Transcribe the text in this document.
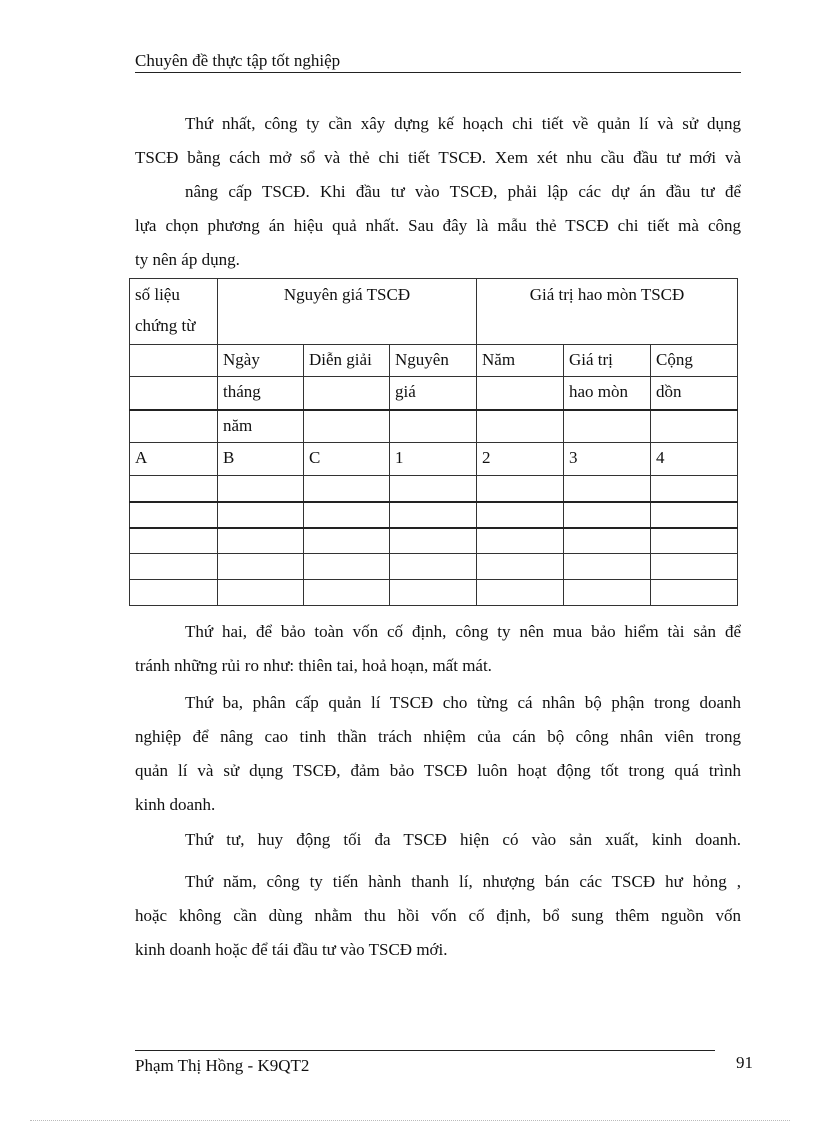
Chuyên đề thực tập tốt nghiệp
Thứ nhất, công ty cần xây dựng kế hoạch chi tiết về quản lí và sử dụng
TSCĐ bằng cách mở sổ và thẻ chi tiết TSCĐ. Xem xét nhu cầu đầu tư mới và
nâng cấp TSCĐ. Khi đầu tư vào TSCĐ, phải lập các dự án đầu tư để
lựa chọn phương án hiệu quả nhất. Sau đây là mẫu thẻ TSCĐ chi tiết mà công
ty nên áp dụng.
số liệu
chứng từ	Nguyên giá TSCĐ			Giá trị hao mòn TSCĐ		
	Ngày	Diễn giải	Nguyên	Năm	Giá trị	Cộng
	tháng		giá		hao mòn	dồn
	năm					
A	B	C	1	2	3	4

Thứ hai, để bảo toàn vốn cố định, công ty nên mua bảo hiểm tài sản để
tránh những rủi ro như: thiên tai, hoả hoạn, mất mát.
Thứ ba, phân cấp quản lí TSCĐ cho từng cá nhân bộ phận trong doanh
nghiệp để nâng cao tinh thần trách nhiệm của cán bộ công nhân viên trong
quản lí và sử dụng TSCĐ, đảm bảo TSCĐ luôn hoạt động tốt trong quá trình
kinh doanh.
Thứ tư, huy động tối đa TSCĐ hiện có vào sản xuất, kinh doanh.
Thứ năm, công ty tiến hành thanh lí, nhượng bán các TSCĐ hư hỏng ,
hoặc không cần dùng nhằm thu hồi vốn cố định, bổ sung thêm nguồn vốn
kinh doanh hoặc để tái đầu tư vào TSCĐ mới.
Phạm Thị Hồng - K9QT2	91
